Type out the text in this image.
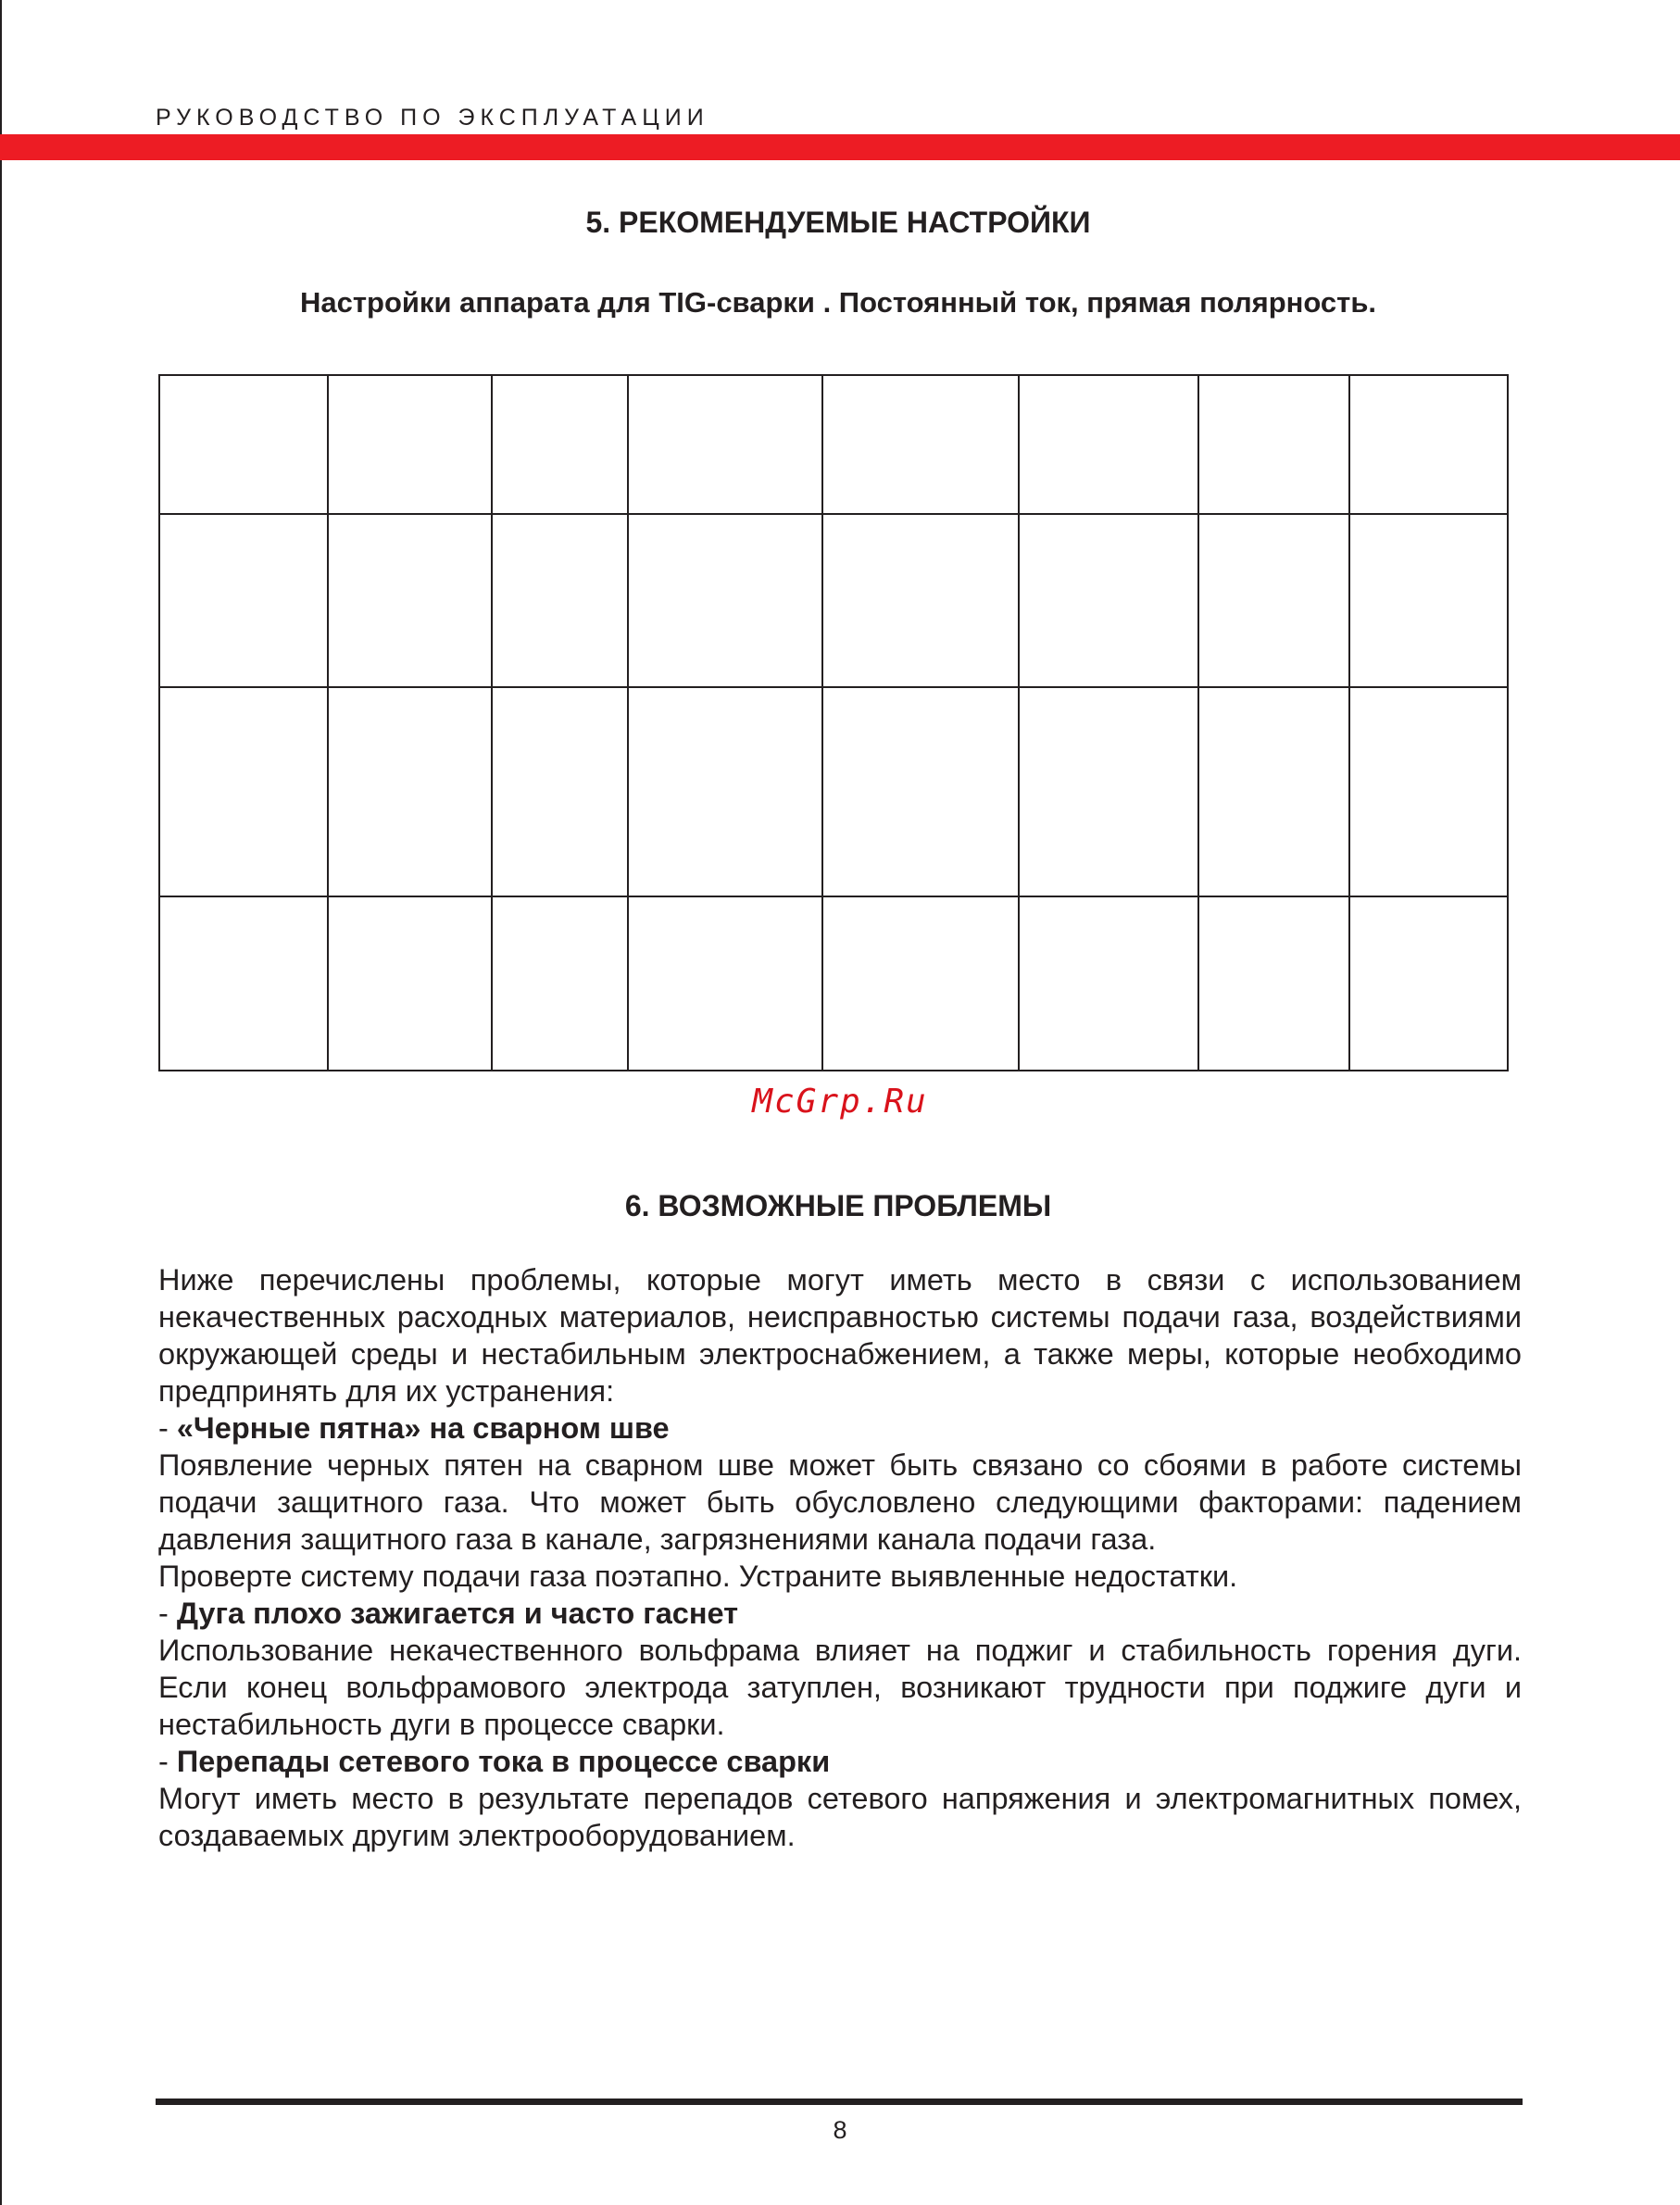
РУКОВОДСТВО ПО ЭКСПЛУАТАЦИИ
5. РЕКОМЕНДУЕМЫЕ НАСТРОЙКИ
Настройки аппарата для TIG-сварки . Постоянный ток, прямая полярность.

McGrp.Ru
6. ВОЗМОЖНЫЕ ПРОБЛЕМЫ

Ниже перечислены проблемы, которые могут иметь место в связи с использованием некачественных расходных материалов, неисправностью системы подачи газа, воздействиями окружающей среды и нестабильным электроснабжением, а также меры, которые необходимо предпринять для их устранения:

- «Черные пятна» на сварном шве

Появление черных пятен на сварном шве может быть связано со сбоями в работе системы подачи защитного газа. Что может быть обусловлено следующими факторами: падением давления защитного газа в канале, загрязнениями канала подачи газа.

Проверте систему подачи газа поэтапно. Устраните выявленные недостатки.

- Дуга плохо зажигается и часто гаснет

Использование некачественного вольфрама влияет на поджиг и стабильность горения дуги. Если конец вольфрамового электрода затуплен, возникают трудности при поджиге дуги и нестабильность дуги в процессе сварки.

- Перепады сетевого тока в процессе сварки

Могут иметь место в результате перепадов сетевого напряжения и электромагнитных помех, создаваемых другим электрооборудованием.

8
